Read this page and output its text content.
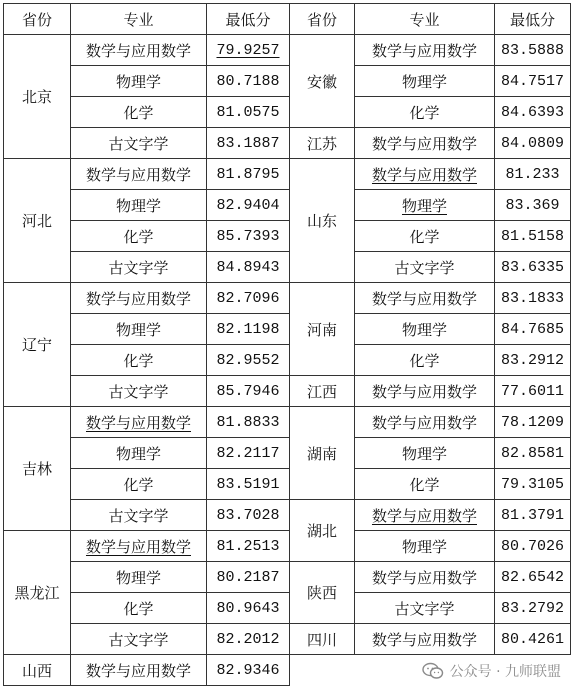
省份	专业	最低分	省份	专业	最低分
北京	数学与应用数学	79.9257	安徽	数学与应用数学	83.5888
	物理学	80.7188		物理学	84.7517
	化学	81.0575		化学	84.6393
	古文字学	83.1887	江苏	数学与应用数学	84.0809
河北	数学与应用数学	81.8795	山东	数学与应用数学	81.233
	物理学	82.9404		物理学	83.369
	化学	85.7393		化学	81.5158
	古文字学	84.8943		古文字学	83.6335
辽宁	数学与应用数学	82.7096	河南	数学与应用数学	83.1833
	物理学	82.1198		物理学	84.7685
	化学	82.9552		化学	83.2912
	古文字学	85.7946	江西	数学与应用数学	77.6011
吉林	数学与应用数学	81.8833	湖南	数学与应用数学	78.1209
	物理学	82.2117		物理学	82.8581
	化学	83.5191		化学	79.3105
	古文字学	83.7028	湖北	数学与应用数学	81.3791
黑龙江	数学与应用数学	81.2513		物理学	80.7026
	物理学	80.2187	陕西	数学与应用数学	82.6542
	化学	80.9643		古文字学	83.2792
	古文字学	82.2012	四川	数学与应用数学	80.4261
山西	数学与应用数学	82.9346				公众号 · 九师联盟
